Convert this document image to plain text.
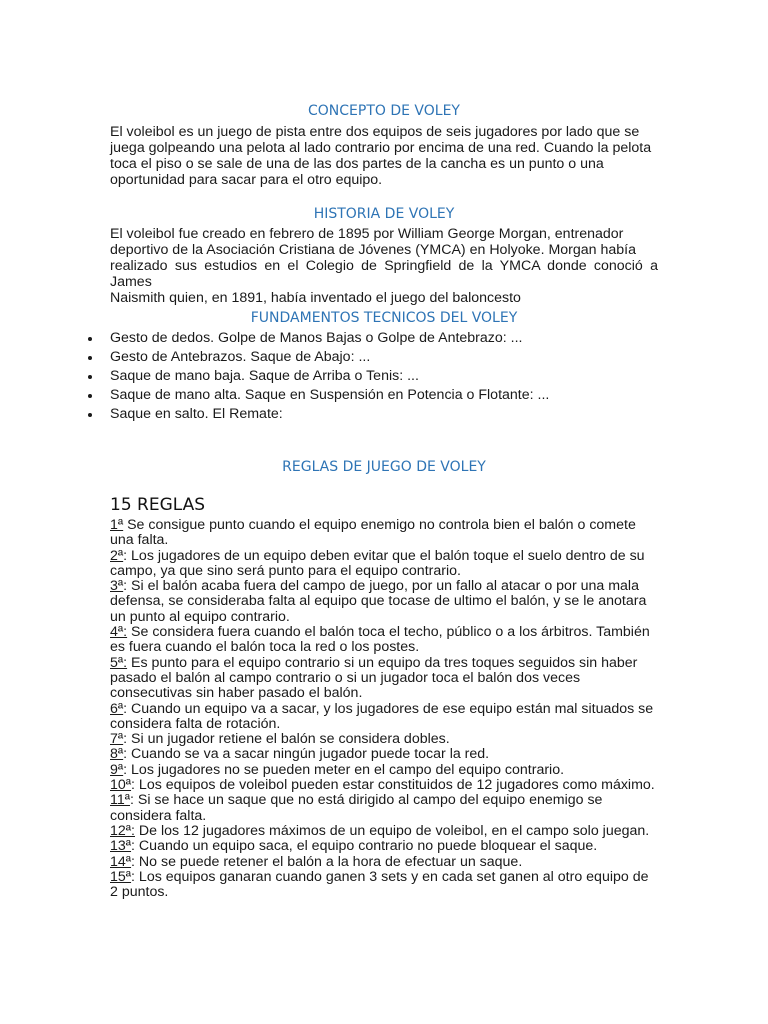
CONCEPTO DE VOLEY
El voleibol es un juego de pista entre dos equipos de seis jugadores por lado que se
juega golpeando una pelota al lado contrario por encima de una red. Cuando la pelota
toca el piso o se sale de una de las dos partes de la cancha es un punto o una
oportunidad para sacar para el otro equipo.
HISTORIA DE VOLEY
El voleibol fue creado en febrero de 1895 por William George Morgan, entrenador
deportivo de la Asociación Cristiana de Jóvenes (YMCA) en Holyoke. Morgan había
realizado sus estudios en el Colegio de Springfield de la YMCA donde conoció a James
Naismith quien, en 1891, había inventado el juego del baloncesto
FUNDAMENTOS TECNICOS DEL VOLEY
Gesto de dedos. Golpe de Manos Bajas o Golpe de Antebrazo: ...
Gesto de Antebrazos. Saque de Abajo: ...
Saque de mano baja. Saque de Arriba o Tenis: ...
Saque de mano alta. Saque en Suspensión en Potencia o Flotante: ...
Saque en salto. El Remate:
REGLAS DE JUEGO DE VOLEY
15 REGLAS

1ª Se consigue punto cuando el equipo enemigo no controla bien el balón o comete una falta.

2ª: Los jugadores de un equipo deben evitar que el balón toque el suelo dentro de su campo, ya que sino será punto para el equipo contrario.

3ª: Si el balón acaba fuera del campo de juego, por un fallo al atacar o por una mala defensa, se consideraba falta al equipo que tocase de ultimo el balón, y se le anotara un punto al equipo contrario.

4ª: Se considera fuera cuando el balón toca el techo, público o a los árbitros. También es fuera cuando el balón toca la red o los postes.

5ª: Es punto para el equipo contrario si un equipo da tres toques seguidos sin haber pasado el balón al campo contrario o si un jugador toca el balón dos veces consecutivas sin haber pasado el balón.

6ª: Cuando un equipo va a sacar, y los jugadores de ese equipo están mal situados se considera falta de rotación.

7ª: Si un jugador retiene el balón se considera dobles.

8ª: Cuando se va a sacar ningún jugador puede tocar la red.

9ª: Los jugadores no se pueden meter en el campo del equipo contrario.

10ª: Los equipos de voleibol pueden estar constituidos de 12 jugadores como máximo.

11ª: Si se hace un saque que no está dirigido al campo del equipo enemigo se considera falta.

12ª: De los 12 jugadores máximos de un equipo de voleibol, en el campo solo juegan.

13ª: Cuando un equipo saca, el equipo contrario no puede bloquear el saque.

14ª: No se puede retener el balón a la hora de efectuar un saque.

15ª: Los equipos ganaran cuando ganen 3 sets y en cada set ganen al otro equipo de 2 puntos.
